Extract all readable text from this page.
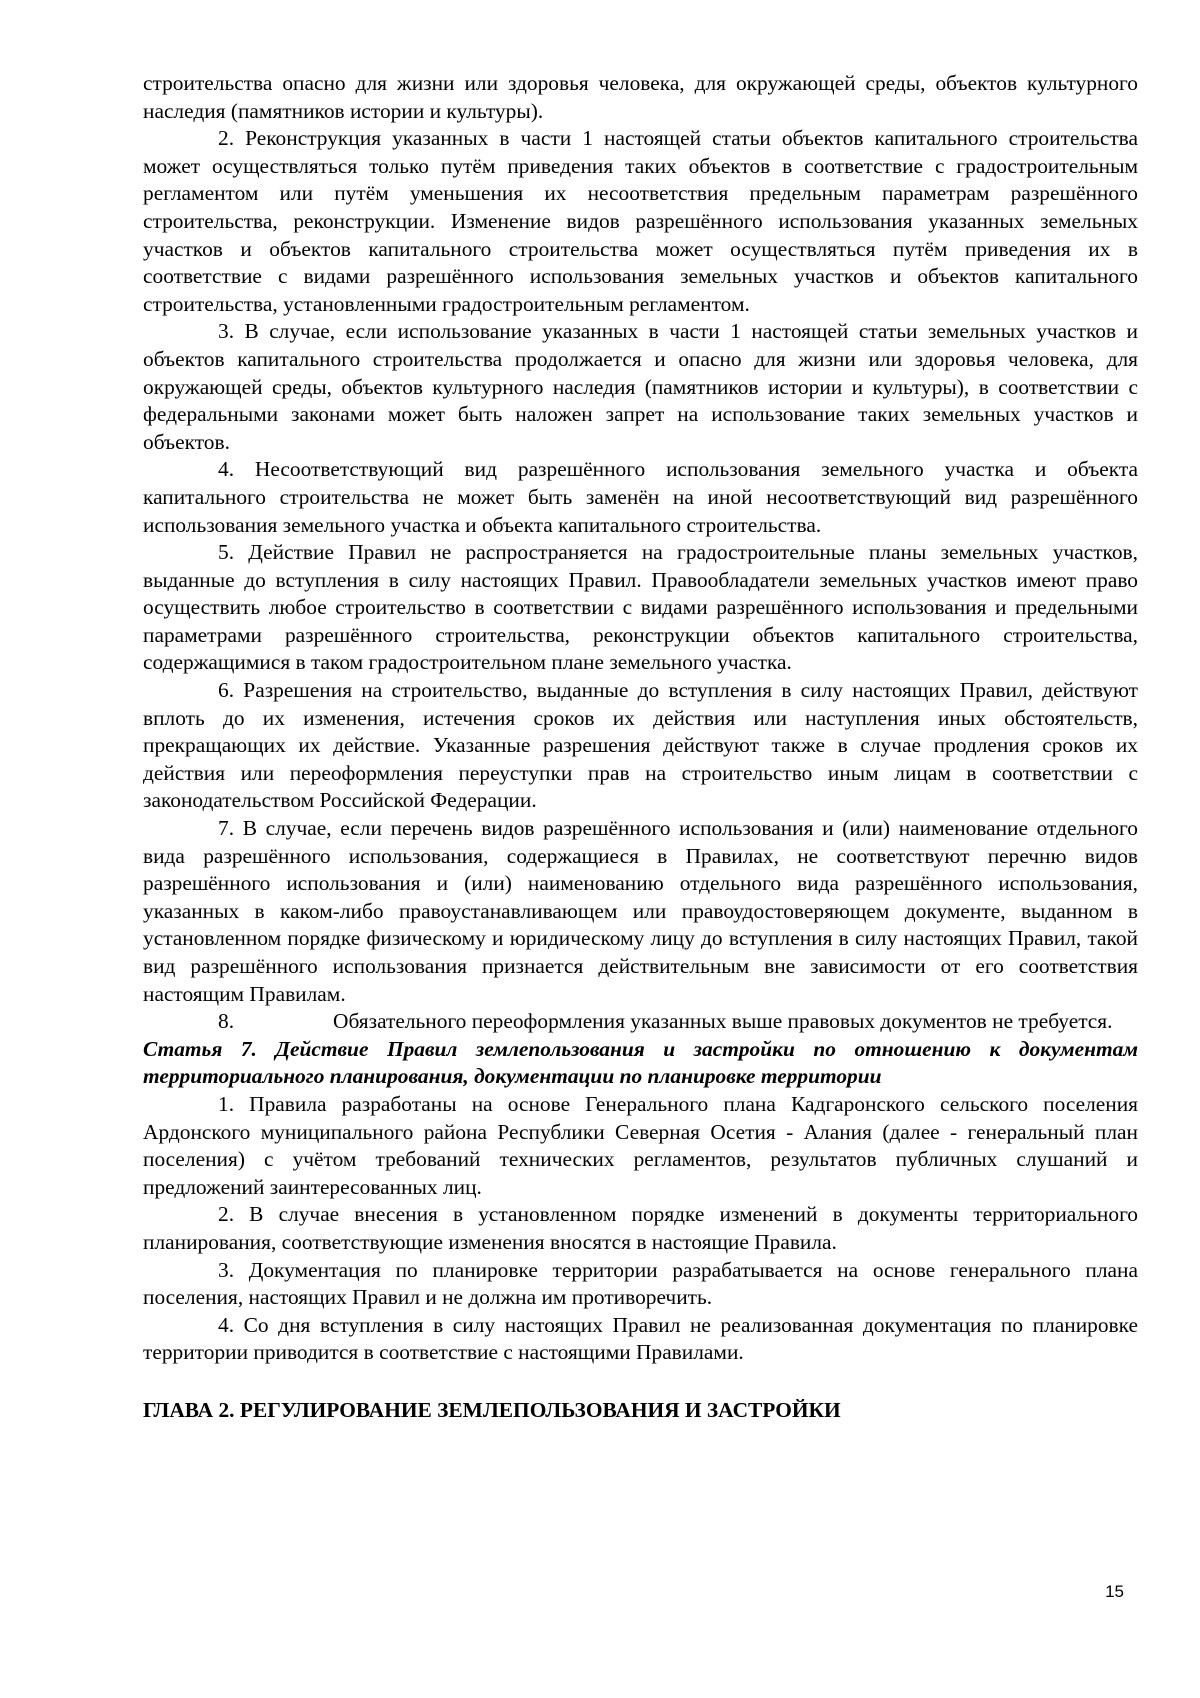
строительства опасно для жизни или здоровья человека, для окружающей среды, объектов культурного наследия (памятников истории и культуры).

2. Реконструкция указанных в части 1 настоящей статьи объектов капитального строительства может осуществляться только путём приведения таких объектов в соответствие с градостроительным регламентом или путём уменьшения их несоответствия предельным параметрам разрешённого строительства, реконструкции. Изменение видов разрешённого использования указанных земельных участков и объектов капитального строительства может осуществляться путём приведения их в соответствие с видами разрешённого использования земельных участков и объектов капитального строительства, установленными градостроительным регламентом.

3. В случае, если использование указанных в части 1 настоящей статьи земельных участков и объектов капитального строительства продолжается и опасно для жизни или здоровья человека, для окружающей среды, объектов культурного наследия (памятников истории и культуры), в соответствии с федеральными законами может быть наложен запрет на использование таких земельных участков и объектов.

4. Несоответствующий вид разрешённого использования земельного участка и объекта капитального строительства не может быть заменён на иной несоответствующий вид разрешённого использования земельного участка и объекта капитального строительства.

5. Действие Правил не распространяется на градостроительные планы земельных участков, выданные до вступления в силу настоящих Правил. Правообладатели земельных участков имеют право осуществить любое строительство в соответствии с видами разрешённого использования и предельными параметрами разрешённого строительства, реконструкции объектов капитального строительства, содержащимися в таком градостроительном плане земельного участка.

6. Разрешения на строительство, выданные до вступления в силу настоящих Правил, действуют вплоть до их изменения, истечения сроков их действия или наступления иных обстоятельств, прекращающих их действие. Указанные разрешения действуют также в случае продления сроков их действия или переоформления переуступки прав на строительство иным лицам в соответствии с законодательством Российской Федерации.

7. В случае, если перечень видов разрешённого использования и (или) наименование отдельного вида разрешённого использования, содержащиеся в Правилах, не соответствуют перечню видов разрешённого использования и (или) наименованию отдельного вида разрешённого использования, указанных в каком-либо правоустанавливающем или правоудостоверяющем документе, выданном в установленном порядке физическому и юридическому лицу до вступления в силу настоящих Правил, такой вид разрешённого использования признается действительным вне зависимости от его соответствия настоящим Правилам.

8.	Обязательного переоформления указанных выше правовых документов не требуется.

Статья 7. Действие Правил землепользования и застройки по отношению к документам территориального планирования, документации по планировке территории

1. Правила разработаны на основе Генерального плана Кадгаронского сельского поселения Ардонского муниципального района Республики Северная Осетия - Алания (далее - генеральный план поселения) с учётом требований технических регламентов, результатов публичных слушаний и предложений заинтересованных лиц.

2. В случае внесения в установленном порядке изменений в документы территориального планирования, соответствующие изменения вносятся в настоящие Правила.

3. Документация по планировке территории разрабатывается на основе генерального плана поселения, настоящих Правил и не должна им противоречить.

4. Со дня вступления в силу настоящих Правил не реализованная документация по планировке территории приводится в соответствие с настоящими Правилами.

ГЛАВА 2. РЕГУЛИРОВАНИЕ ЗЕМЛЕПОЛЬЗОВАНИЯ И ЗАСТРОЙКИ

15
